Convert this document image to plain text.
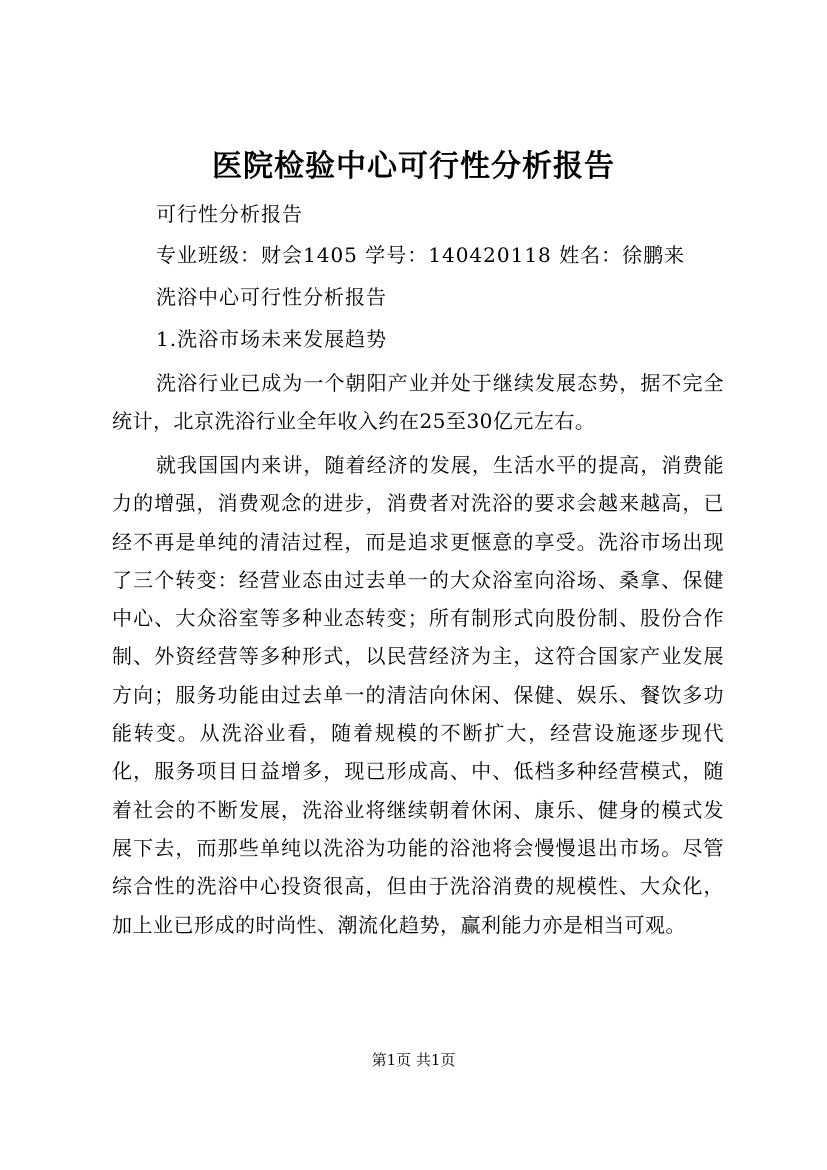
医院检验中心可行性分析报告
可行性分析报告
专业班级：财会1405 学号：140420118 姓名：徐鹏来
洗浴中心可行性分析报告
1.洗浴市场未来发展趋势

洗浴行业已成为一个朝阳产业并处于继续发展态势，据不完全统计，北京洗浴行业全年收入约在25至30亿元左右。

就我国国内来讲，随着经济的发展，生活水平的提高，消费能力的增强，消费观念的进步，消费者对洗浴的要求会越来越高，已经不再是单纯的清洁过程，而是追求更惬意的享受。洗浴市场出现了三个转变：经营业态由过去单一的大众浴室向浴场、桑拿、保健中心、大众浴室等多种业态转变；所有制形式向股份制、股份合作制、外资经营等多种形式，以民营经济为主，这符合国家产业发展方向；服务功能由过去单一的清洁向休闲、保健、娱乐、餐饮多功能转变。从洗浴业看，随着规模的不断扩大，经营设施逐步现代化，服务项目日益增多，现已形成高、中、低档多种经营模式，随着社会的不断发展，洗浴业将继续朝着休闲、康乐、健身的模式发展下去，而那些单纯以洗浴为功能的浴池将会慢慢退出市场。尽管综合性的洗浴中心投资很高，但由于洗浴消费的规模性、大众化，加上业已形成的时尚性、潮流化趋势，赢利能力亦是相当可观。

第1页 共1页
